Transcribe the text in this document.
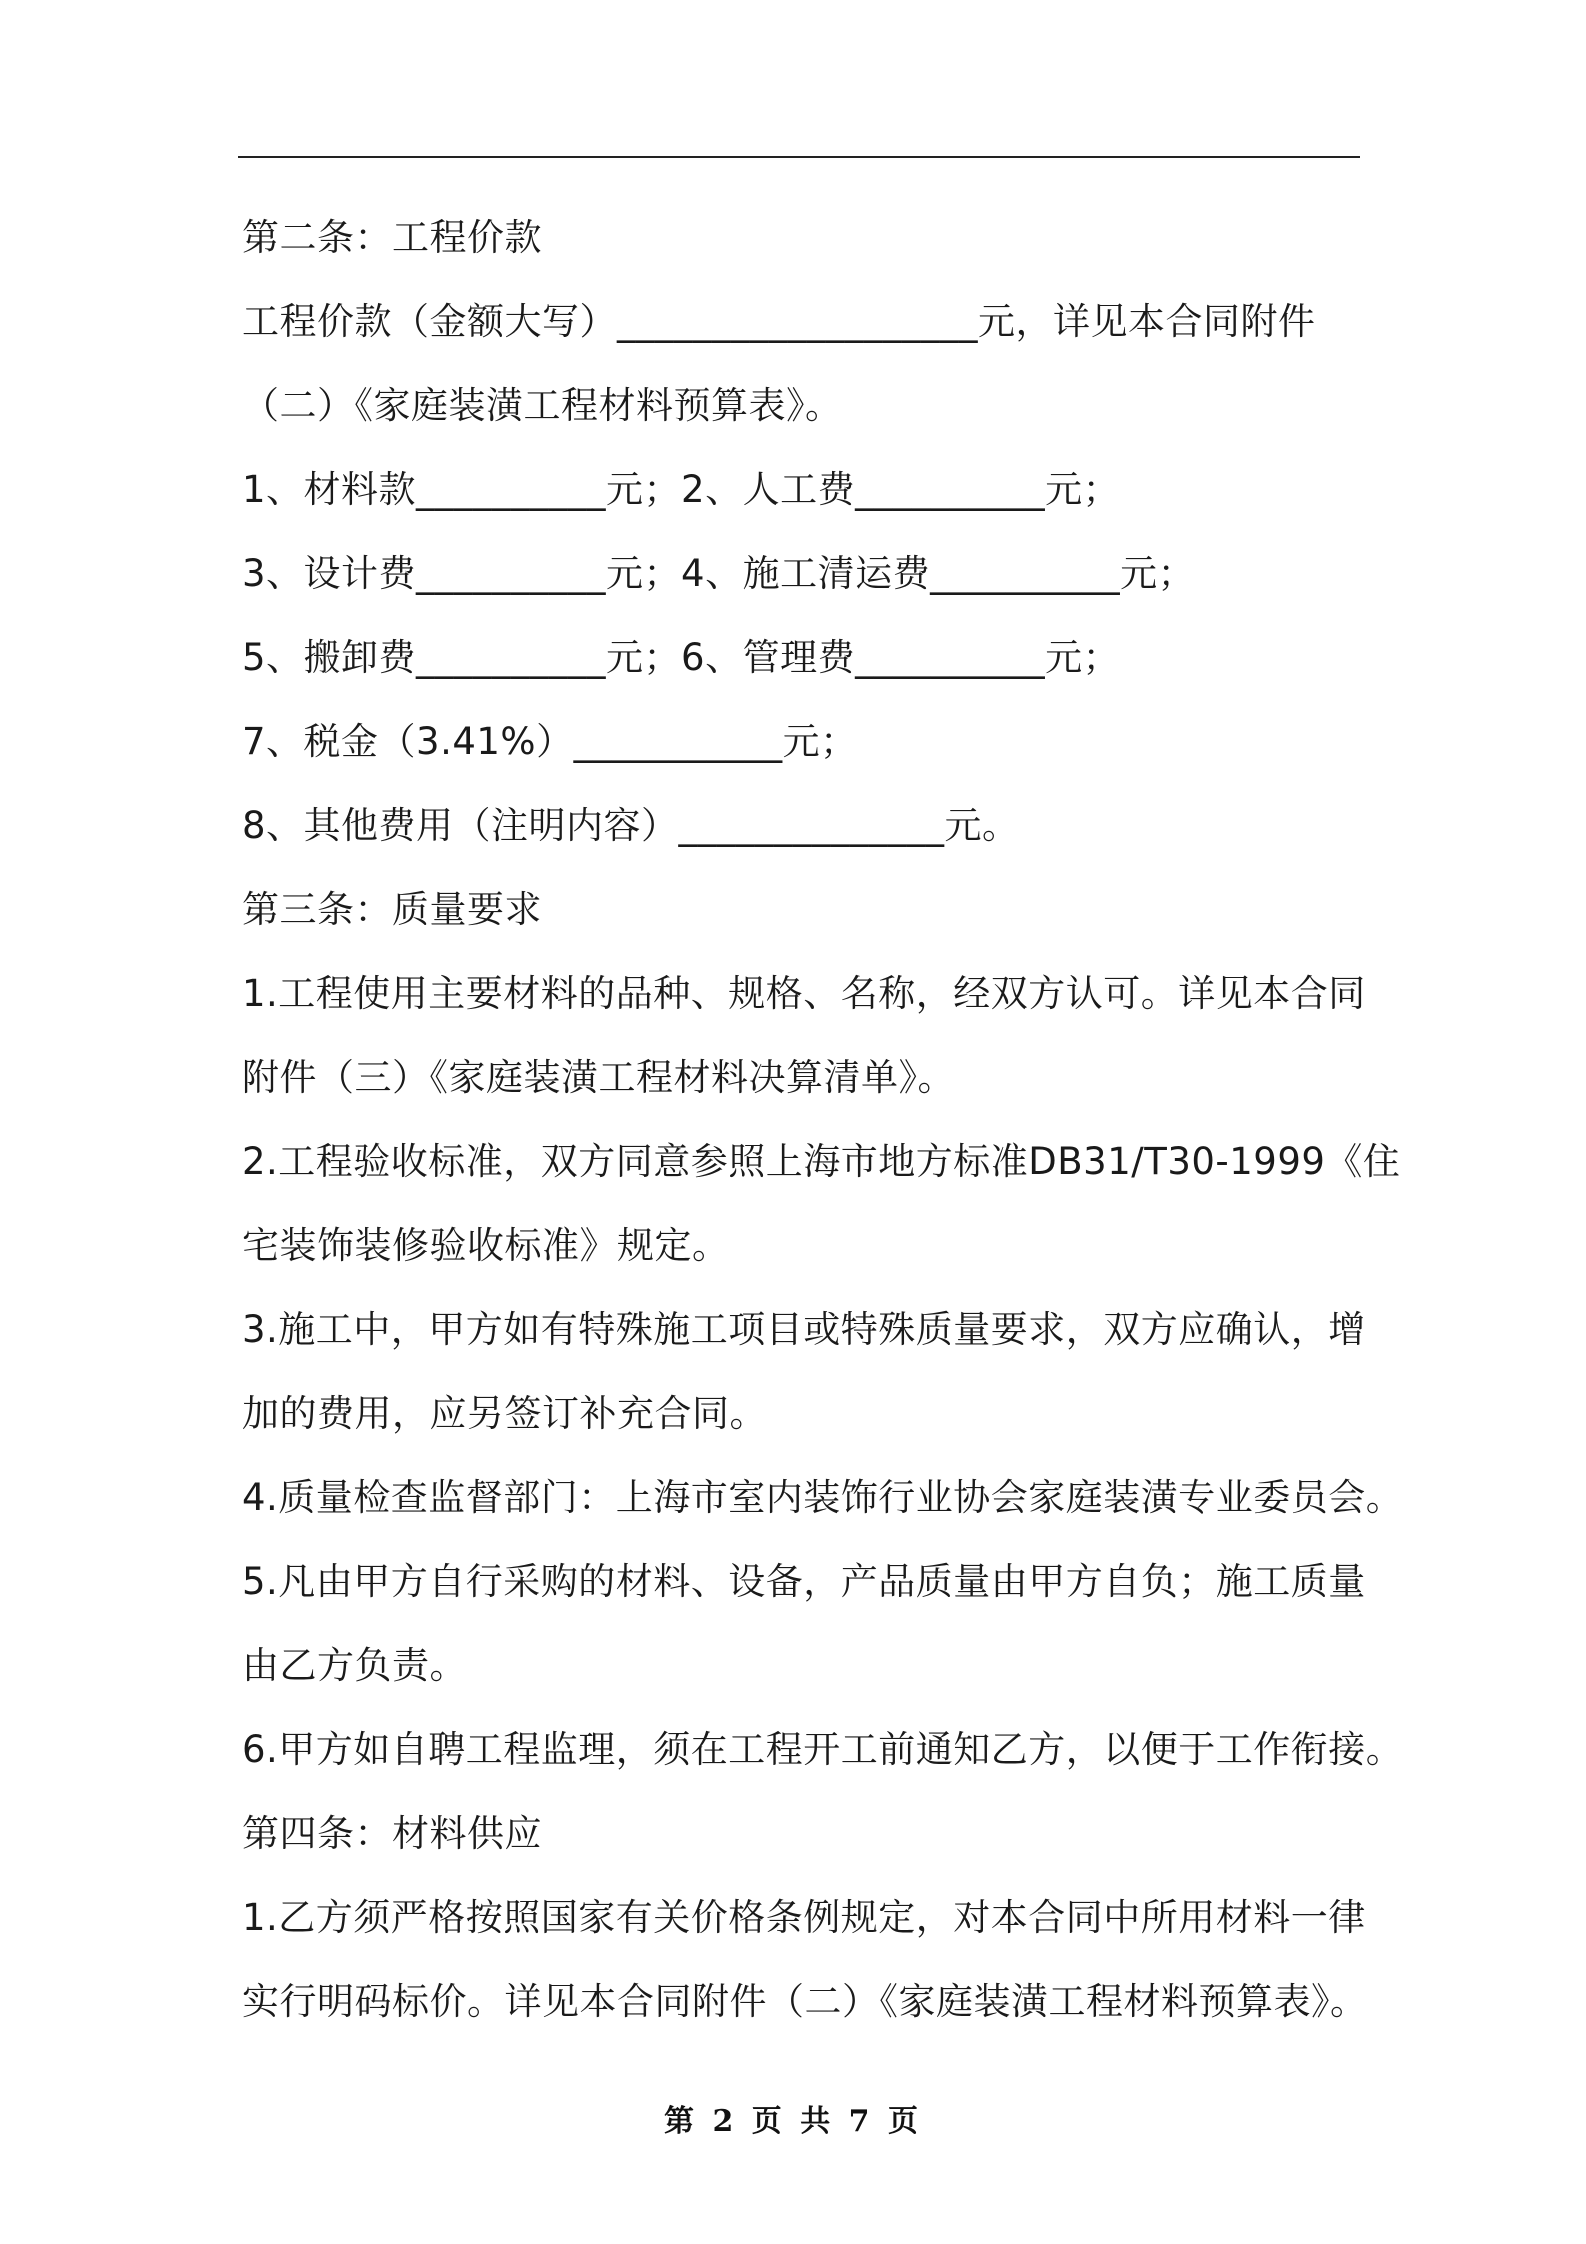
第二条：工程价款
工程价款（金额大写）___________________元，详见本合同附件
（二）《家庭装潢工程材料预算表》。
1、材料款__________元；2、人工费__________元；
3、设计费__________元；4、施工清运费__________元；
5、搬卸费__________元；6、管理费__________元；
7、税金（3.41%）___________元；
8、其他费用（注明内容）______________元。
第三条：质量要求
1.工程使用主要材料的品种、规格、名称，经双方认可。详见本合同
附件（三）《家庭装潢工程材料决算清单》。
2.工程验收标准，双方同意参照上海市地方标准DB31/T30-1999《住
宅装饰装修验收标准》规定。
3.施工中，甲方如有特殊施工项目或特殊质量要求，双方应确认，增
加的费用，应另签订补充合同。
4.质量检查监督部门：上海市室内装饰行业协会家庭装潢专业委员会。
5.凡由甲方自行采购的材料、设备，产品质量由甲方自负；施工质量
由乙方负责。
6.甲方如自聘工程监理，须在工程开工前通知乙方，以便于工作衔接。
第四条：材料供应
1.乙方须严格按照国家有关价格条例规定，对本合同中所用材料一律
实行明码标价。详见本合同附件（二）《家庭装潢工程材料预算表》。
第 2 页 共 7 页
